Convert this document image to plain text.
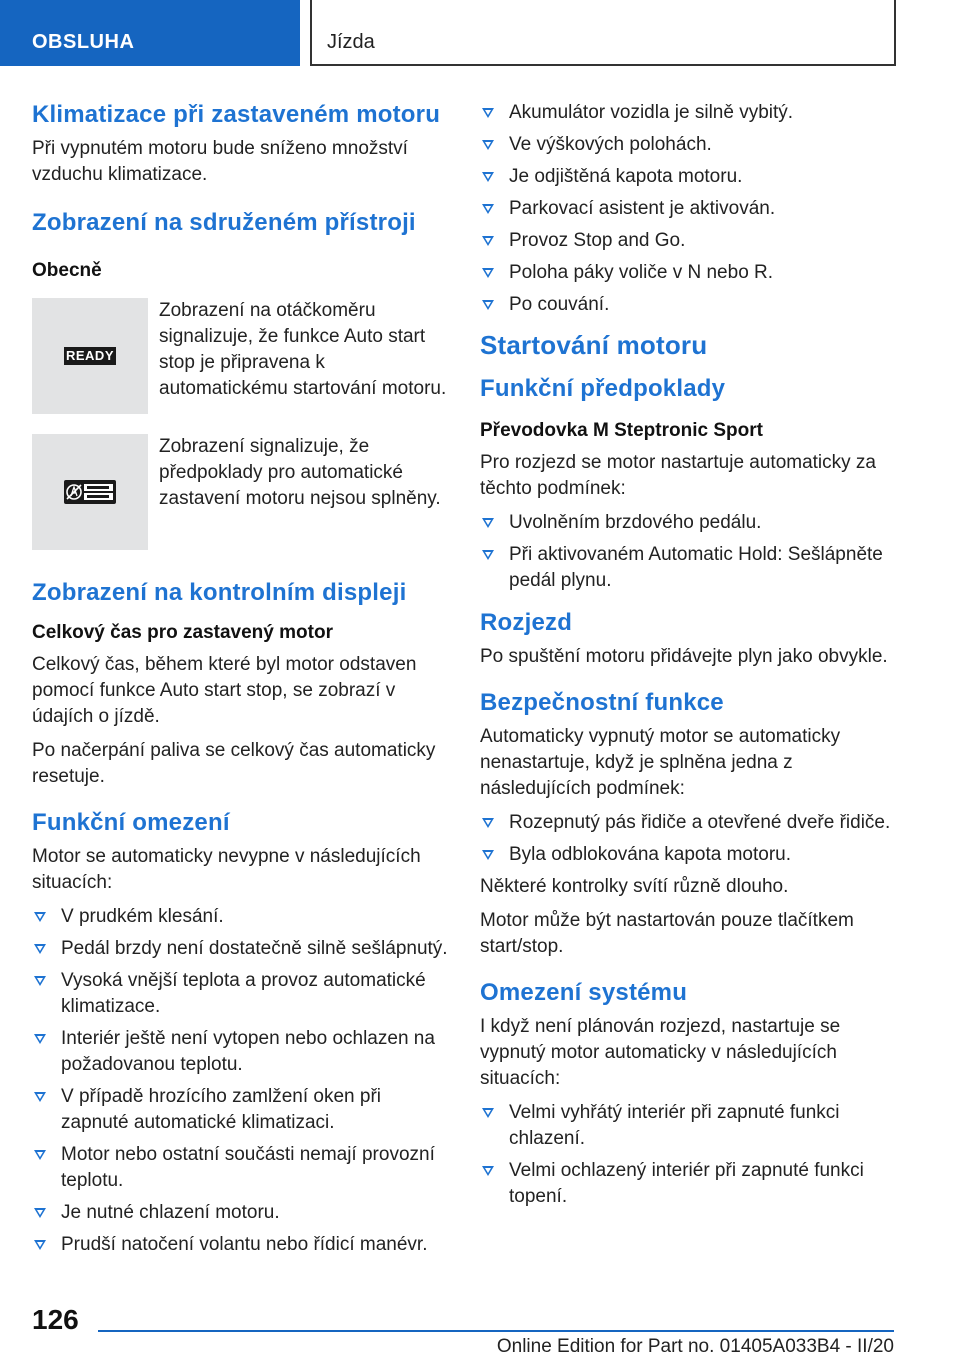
OBSLUHA	Jízda
Klimatizace při zastaveném motoru

Při vypnutém motoru bude sníženo množství vzduchu klimatizace.

Zobrazení na sdruženém přístroji
Obecně
READY
Zobrazení na otáčkoměru signalizuje, že funkce Auto start stop je připravena k automatickému startování motoru.
Zobrazení signalizuje, že předpoklady pro automatické zastavení motoru nejsou splněny.
Zobrazení na kontrolním displeji
Celkový čas pro zastavený motor

Celkový čas, během které byl motor odstaven pomocí funkce Auto start stop, se zobrazí v údajích o jízdě.

Po načerpání paliva se celkový čas automaticky resetuje.

Funkční omezení

Motor se automaticky nevypne v následujících situacích:

V prudkém klesání.
Pedál brzdy není dostatečně silně sešlápnutý.
Vysoká vnější teplota a provoz automatické klimatizace.
Interiér ještě není vytopen nebo ochlazen na požadovanou teplotu.
V případě hrozícího zamlžení oken při zapnuté automatické klimatizaci.
Motor nebo ostatní součásti nemají provozní teplotu.
Je nutné chlazení motoru.
Prudší natočení volantu nebo řídicí manévr.
Akumulátor vozidla je silně vybitý.
Ve výškových polohách.
Je odjištěná kapota motoru.
Parkovací asistent je aktivován.
Provoz Stop and Go.
Poloha páky voliče v N nebo R.
Po couvání.
Startování motoru
Funkční předpoklady
Převodovka M Steptronic Sport

Pro rozjezd se motor nastartuje automaticky za těchto podmínek:

Uvolněním brzdového pedálu.
Při aktivovaném Automatic Hold: Sešlápněte pedál plynu.
Rozjezd

Po spuštění motoru přidávejte plyn jako obvykle.

Bezpečnostní funkce

Automaticky vypnutý motor se automaticky nenastartuje, když je splněna jedna z následujících podmínek:

Rozepnutý pás řidiče a otevřené dveře řidiče.
Byla odblokována kapota motoru.

Některé kontrolky svítí různě dlouho.

Motor může být nastartován pouze tlačítkem start/stop.

Omezení systému

I když není plánován rozjezd, nastartuje se vypnutý motor automaticky v následujících situacích:

Velmi vyhřátý interiér při zapnuté funkci chlazení.
Velmi ochlazený interiér při zapnuté funkci topení.
126
Online Edition for Part no. 01405A033B4 - II/20
